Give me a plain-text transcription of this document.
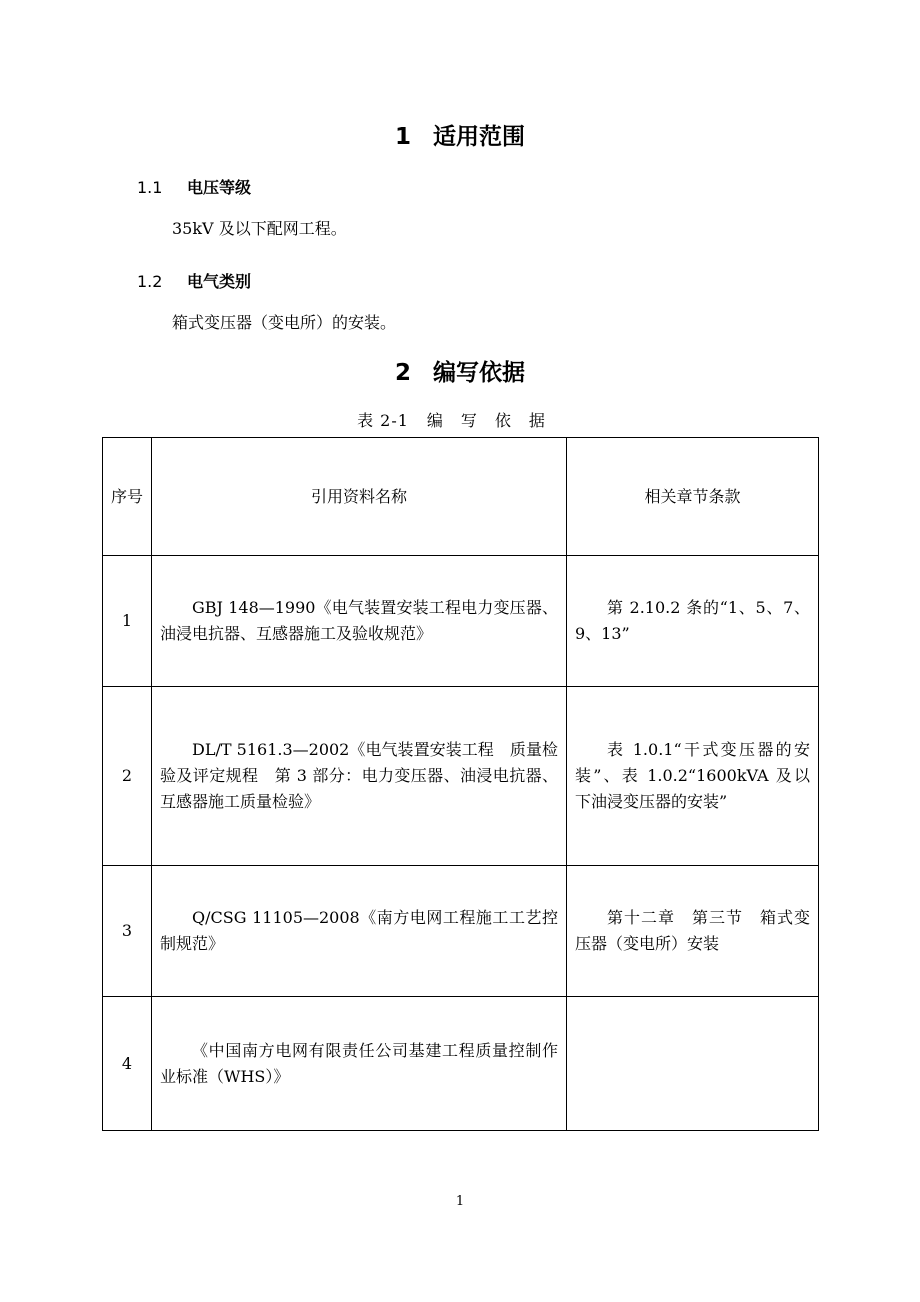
1 适用范围
1.1 电压等级
35kV 及以下配网工程。
1.2 电气类别
箱式变压器（变电所）的安装。
2 编写依据
表 2-1 编写依据
序号	引用资料名称	相关章节条款
1	GBJ 148—1990《电气装置安装工程电力变压器、油浸电抗器、互感器施工及验收规范》	第 2.10.2 条的“1、5、7、9、13”
2	DL/T 5161.3—2002《电气装置安装工程　质量检验及评定规程　第 3 部分：电力变压器、油浸电抗器、互感器施工质量检验》	表 1.0.1“干式变压器的安装”、表 1.0.2“1600kVA 及以下油浸变压器的安装”
3	Q/CSG 11105—2008《南方电网工程施工工艺控制规范》	第十二章　第三节　箱式变压器（变电所）安装
4	《中国南方电网有限责任公司基建工程质量控制作业标准（WHS）》	
1
